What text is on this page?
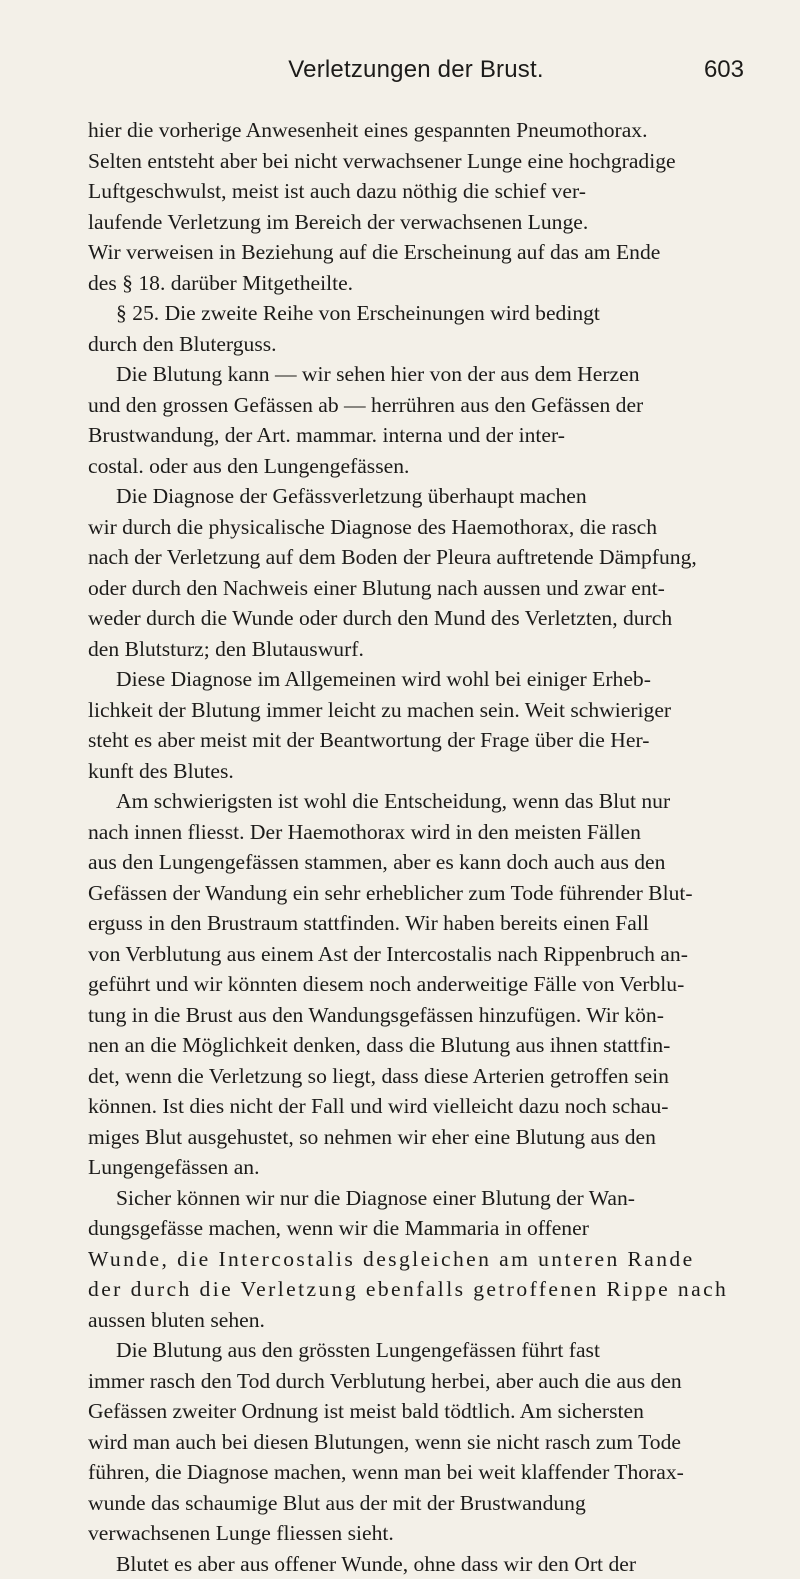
Verletzungen der Brust.	603
hier die vorherige Anwesenheit eines gespannten Pneumothorax.
Selten entsteht aber bei nicht verwachsener Lunge eine hochgradige
Luftgeschwulst, meist ist auch dazu nöthig die schief ver-
laufende Verletzung im Bereich der verwachsenen Lunge.
Wir verweisen in Beziehung auf die Erscheinung auf das am Ende
des § 18. darüber Mitgetheilte.
§ 25. Die zweite Reihe von Erscheinungen wird bedingt
durch den Bluterguss.
Die Blutung kann — wir sehen hier von der aus dem Herzen
und den grossen Gefässen ab — herrühren aus den Gefässen der
Brustwandung, der Art. mammar. interna und der inter-
costal. oder aus den Lungengefässen.
Die Diagnose der Gefässverletzung überhaupt machen
wir durch die physicalische Diagnose des Haemothorax, die rasch
nach der Verletzung auf dem Boden der Pleura auftretende Dämpfung,
oder durch den Nachweis einer Blutung nach aussen und zwar ent-
weder durch die Wunde oder durch den Mund des Verletzten, durch
den Blutsturz; den Blutauswurf.
Diese Diagnose im Allgemeinen wird wohl bei einiger Erheb-
lichkeit der Blutung immer leicht zu machen sein. Weit schwieriger
steht es aber meist mit der Beantwortung der Frage über die Her-
kunft des Blutes.
Am schwierigsten ist wohl die Entscheidung, wenn das Blut nur
nach innen fliesst. Der Haemothorax wird in den meisten Fällen
aus den Lungengefässen stammen, aber es kann doch auch aus den
Gefässen der Wandung ein sehr erheblicher zum Tode führender Blut-
erguss in den Brustraum stattfinden. Wir haben bereits einen Fall
von Verblutung aus einem Ast der Intercostalis nach Rippenbruch an-
geführt und wir könnten diesem noch anderweitige Fälle von Verblu-
tung in die Brust aus den Wandungsgefässen hinzufügen. Wir kön-
nen an die Möglichkeit denken, dass die Blutung aus ihnen stattfin-
det, wenn die Verletzung so liegt, dass diese Arterien getroffen sein
können. Ist dies nicht der Fall und wird vielleicht dazu noch schau-
miges Blut ausgehustet, so nehmen wir eher eine Blutung aus den
Lungengefässen an.
Sicher können wir nur die Diagnose einer Blutung der Wan-
dungsgefässe machen, wenn wir die Mammaria in offener
Wunde, die Intercostalis desgleichen am unteren Rande
der durch die Verletzung ebenfalls getroffenen Rippe nach
aussen bluten sehen.
Die Blutung aus den grössten Lungengefässen führt fast
immer rasch den Tod durch Verblutung herbei, aber auch die aus den
Gefässen zweiter Ordnung ist meist bald tödtlich. Am sichersten
wird man auch bei diesen Blutungen, wenn sie nicht rasch zum Tode
führen, die Diagnose machen, wenn man bei weit klaffender Thorax-
wunde das schaumige Blut aus der mit der Brustwandung
verwachsenen Lunge fliessen sieht.
Blutet es aber aus offener Wunde, ohne dass wir den Ort der
